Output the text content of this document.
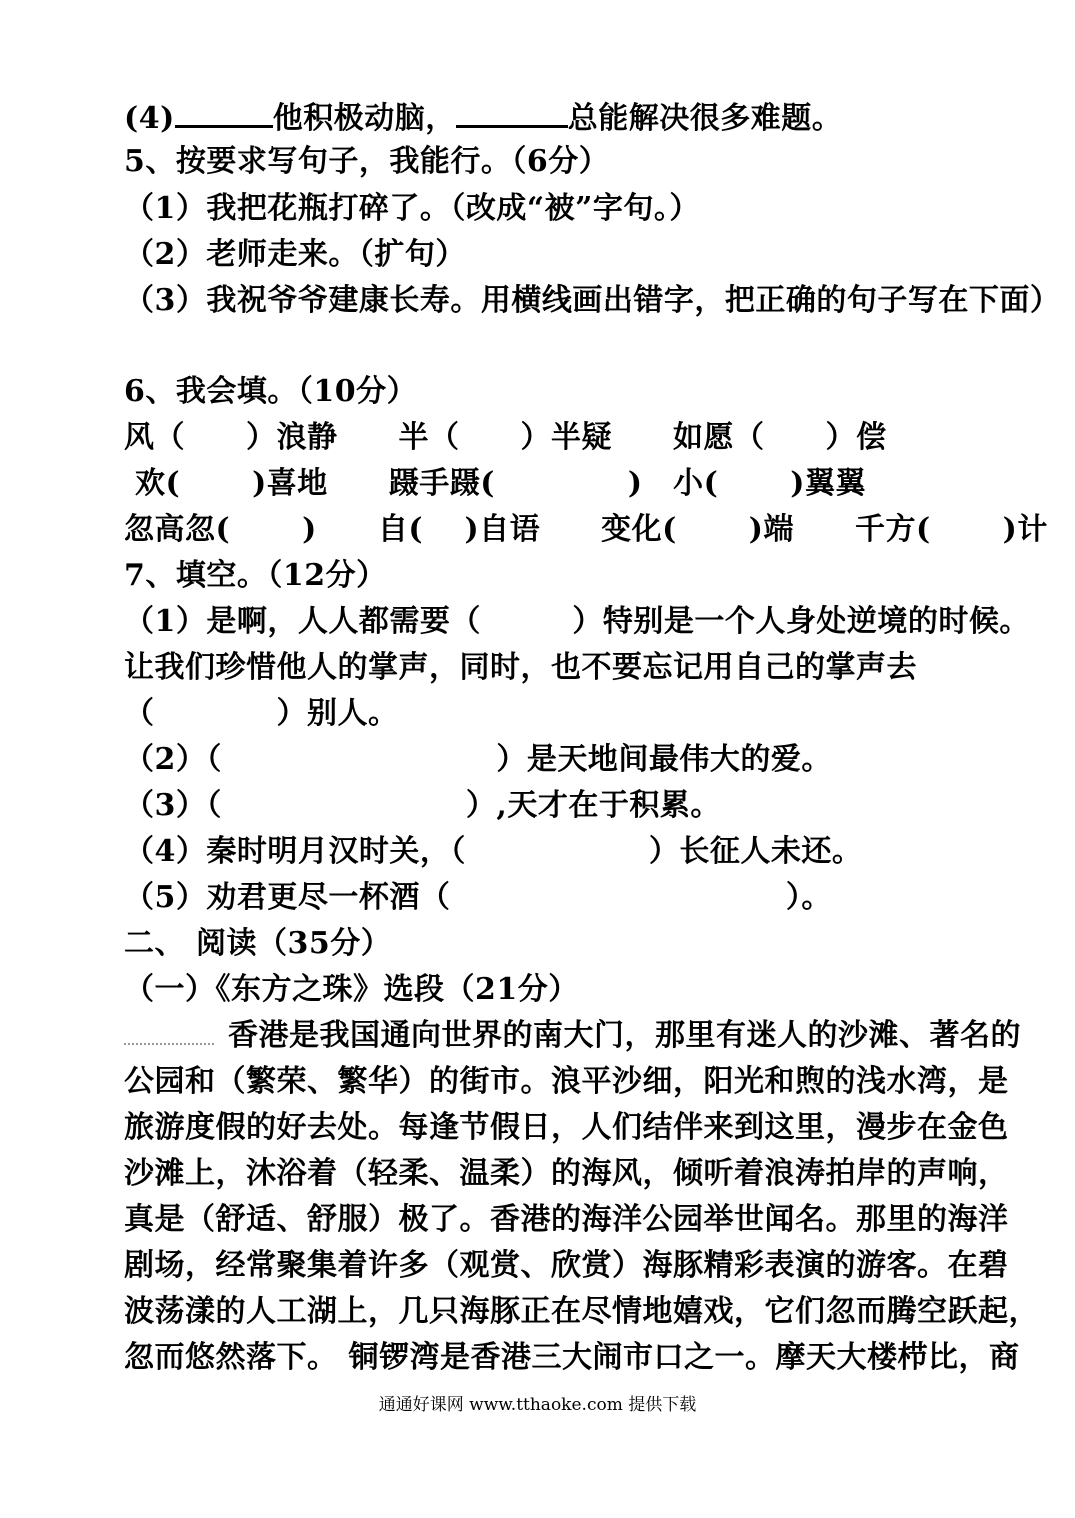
(4)	他积极动脑，	总能解决很多难题。
5、按要求写句子，我能行。（6分）
（1）我把花瓶打碎了。（改成“被”字句。）
（2）老师走来。（扩句）
（3）我祝爷爷建康长寿。用横线画出错字，把正确的句子写在下面）
6、我会填。（10分）
风（　　）浪静　　半（　　）半疑　　如愿（　　）偿
欢(　　 )喜地　　蹑手蹑(　　　　 )　小(　　 )翼翼
忽高忽(　　 )　　自(　 )自语　　变化(　　 )端　　千方(　　 )计
7、填空。（12分）
（1）是啊，人人都需要（　　　）特别是一个人身处逆境的时候。
让我们珍惜他人的掌声，同时，也不要忘记用自己的掌声去
（　　　　）别人。
（2）（　　　　　　　　　）是天地间最伟大的爱。
（3）（　　　　　　　　）,天才在于积累。
（4）秦时明月汉时关，（　　　　　　）长征人未还。
（5）劝君更尽一杯酒（　　　　　　　　　　　）。
二、 阅读（35分）
（一）《东方之珠》选段（21分）
香港是我国通向世界的南大门，那里有迷人的沙滩、著名的
公园和（繁荣、繁华）的街市。浪平沙细，阳光和煦的浅水湾，是
旅游度假的好去处。每逢节假日，人们结伴来到这里，漫步在金色
沙滩上，沐浴着（轻柔、温柔）的海风，倾听着浪涛拍岸的声响，
真是（舒适、舒服）极了。香港的海洋公园举世闻名。那里的海洋
剧场，经常聚集着许多（观赏、欣赏）海豚精彩表演的游客。在碧
波荡漾的人工湖上，几只海豚正在尽情地嬉戏，它们忽而腾空跃起，
忽而悠然落下。 铜锣湾是香港三大闹市口之一。摩天大楼栉比，商
通通好课网 www.tthaoke.com 提供下载
